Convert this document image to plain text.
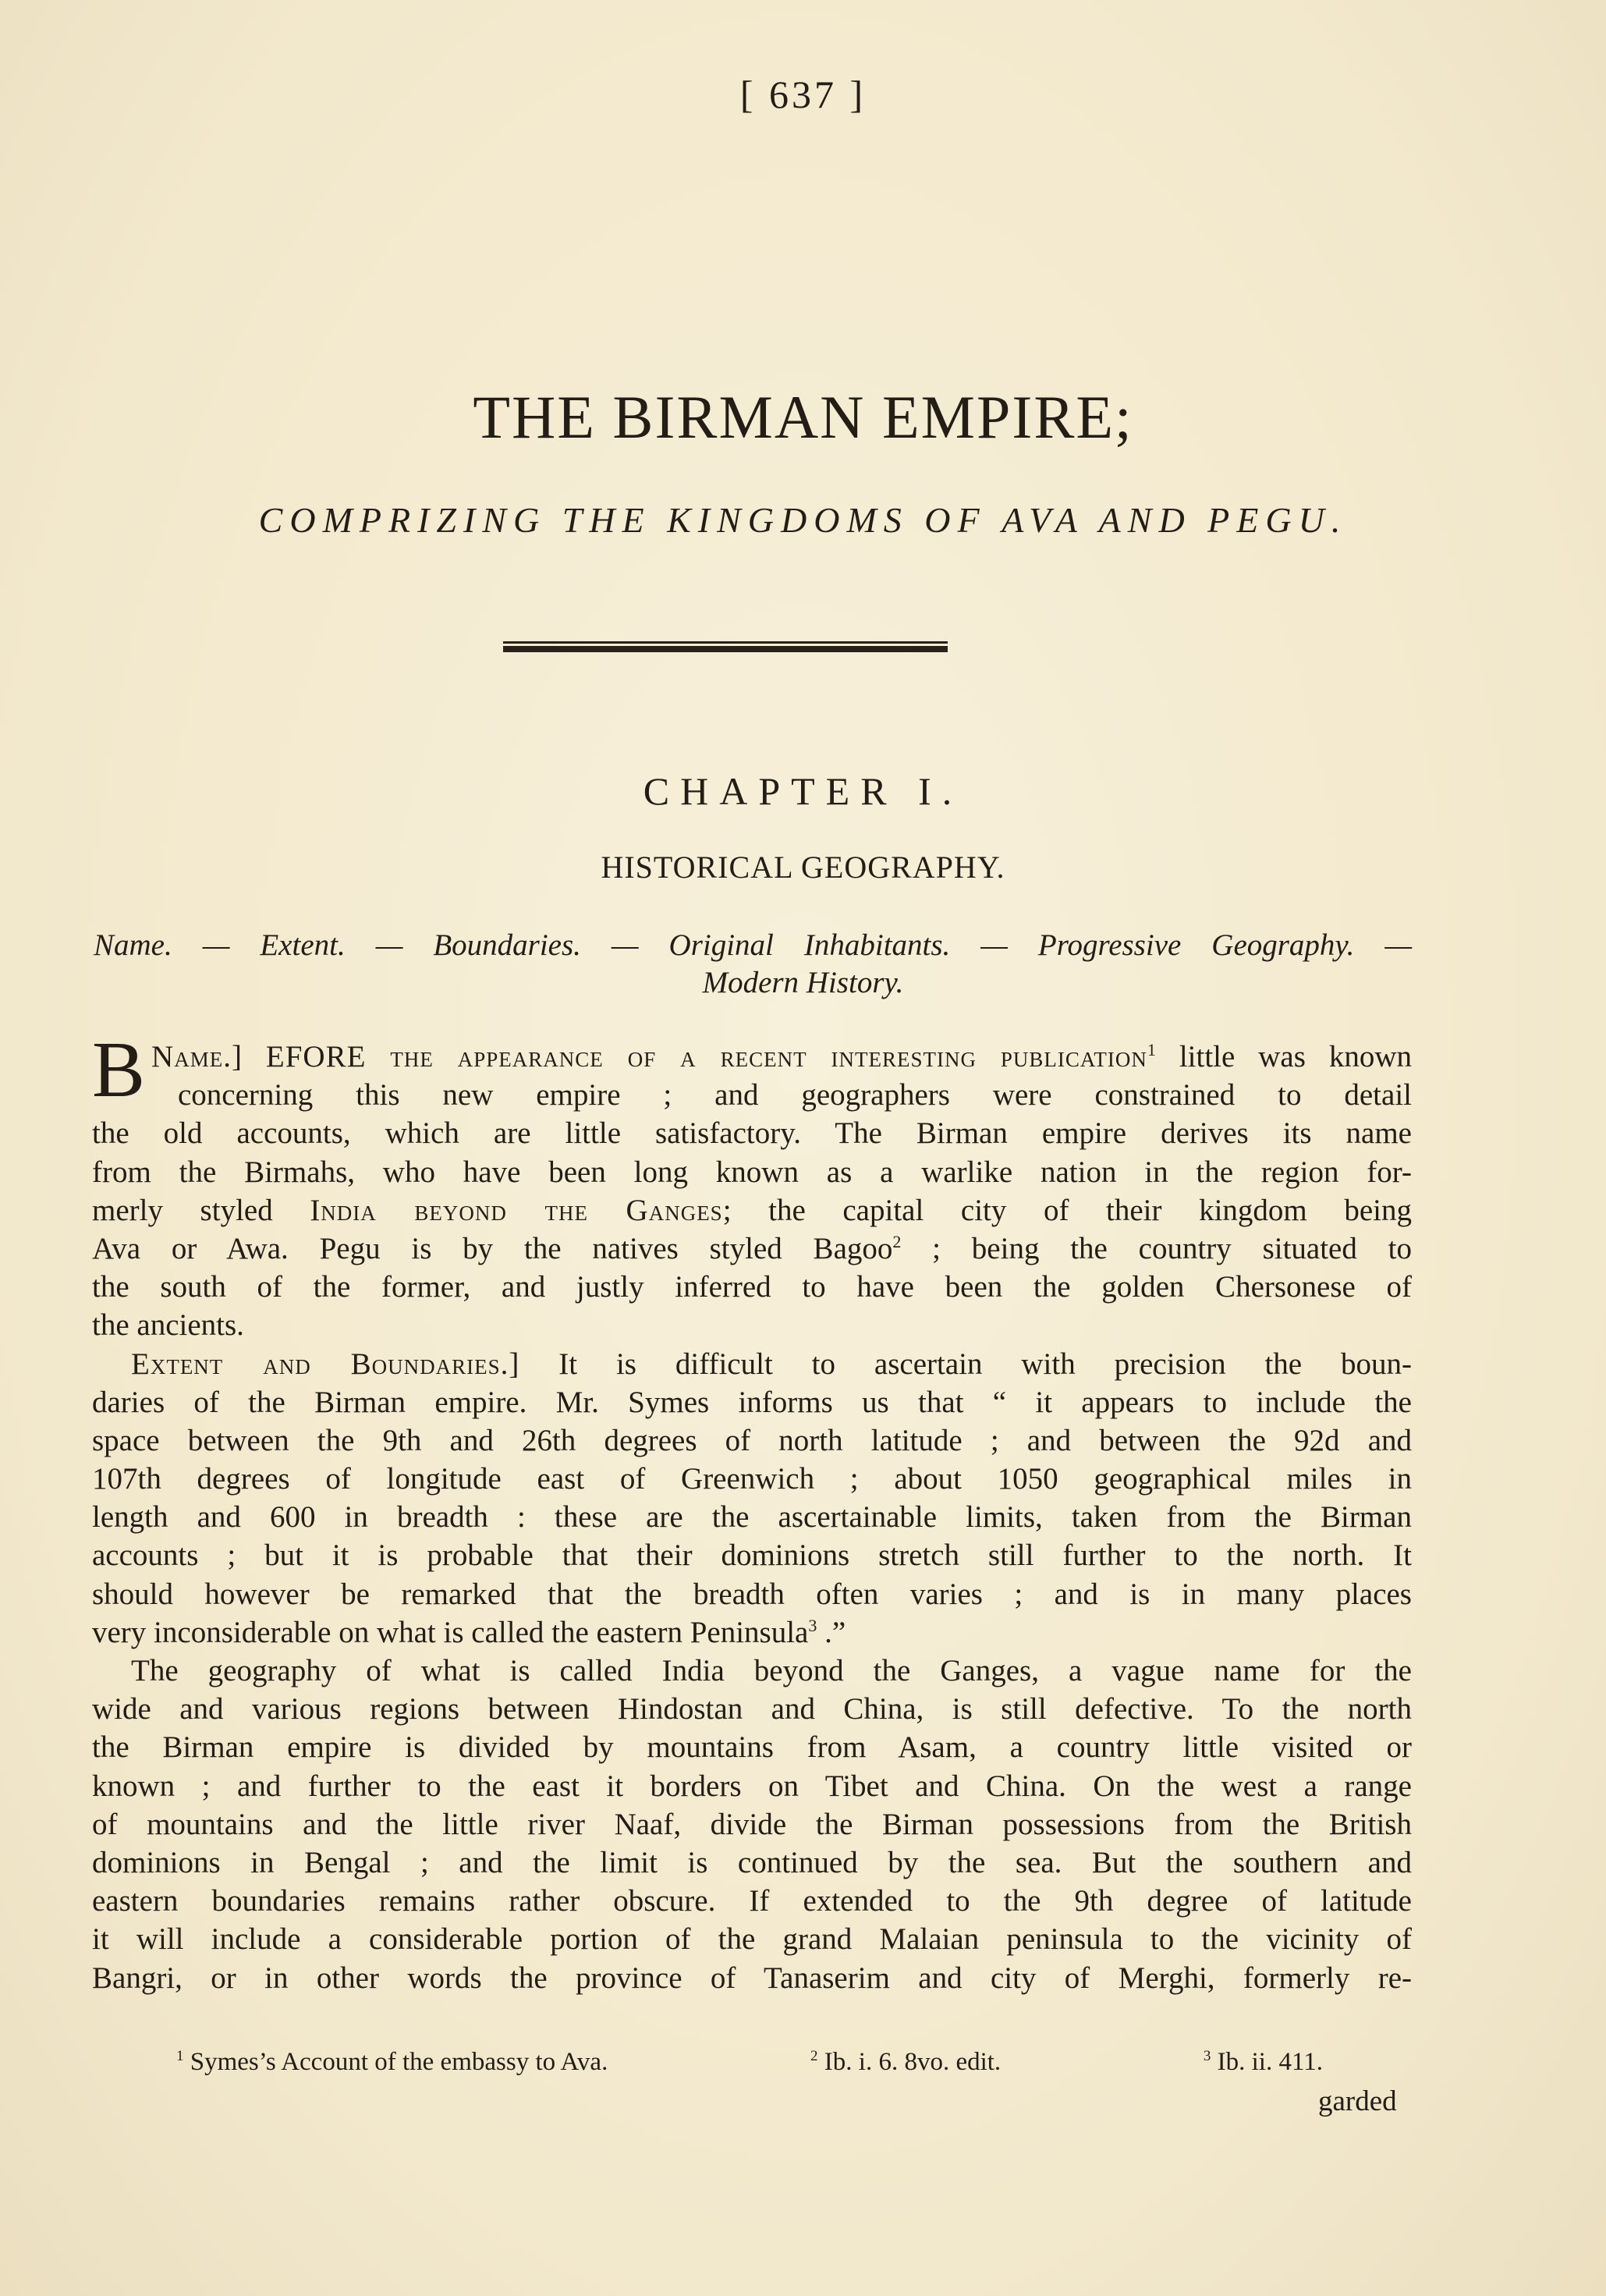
[ 637 ]
THE BIRMAN EMPIRE;
COMPRIZING THE KINGDOMS OF AVA AND PEGU.
CHAPTER I.
HISTORICAL GEOGRAPHY.
Name. — Extent. — Boundaries. — Original Inhabitants. — Progressive Geography. —
Modern History.
Name.]
B	EFORE the appearance of a recent interesting publication$^1$ little was known
concerning this new empire ; and geographers were constrained to detail
the old accounts, which are little satisfactory. The Birman empire derives its name
from the Birmahs, who have been long known as a warlike nation in the region for-
merly styled India beyond the Ganges; the capital city of their kingdom being
Ava or Awa. Pegu is by the natives styled Bagoo$^2$ ; being the country situated to
the south of the former, and justly inferred to have been the golden Chersonese of
the ancients.
Extent and Boundaries.] It is difficult to ascertain with precision the boun-
daries of the Birman empire. Mr. Symes informs us that “ it appears to include the
space between the 9th and 26th degrees of north latitude ; and between the 92d and
107th degrees of longitude east of Greenwich ; about 1050 geographical miles in
length and 600 in breadth : these are the ascertainable limits, taken from the Birman
accounts ; but it is probable that their dominions stretch still further to the north. It
should however be remarked that the breadth often varies ; and is in many places
very inconsiderable on what is called the eastern Peninsula$^3$ .”
The geography of what is called India beyond the Ganges, a vague name for the
wide and various regions between Hindostan and China, is still defective. To the north
the Birman empire is divided by mountains from Asam, a country little visited or
known ; and further to the east it borders on Tibet and China. On the west a range
of mountains and the little river Naaf, divide the Birman possessions from the British
dominions in Bengal ; and the limit is continued by the sea. But the southern and
eastern boundaries remains rather obscure. If extended to the 9th degree of latitude
it will include a considerable portion of the grand Malaian peninsula to the vicinity of
Bangri, or in other words the province of Tanaserim and city of Merghi, formerly re-
$^1$ Symes’s Account of the embassy to Ava.	$^2$ Ib. i. 6. 8vo. edit.	$^3$ Ib. ii. 411.
garded
